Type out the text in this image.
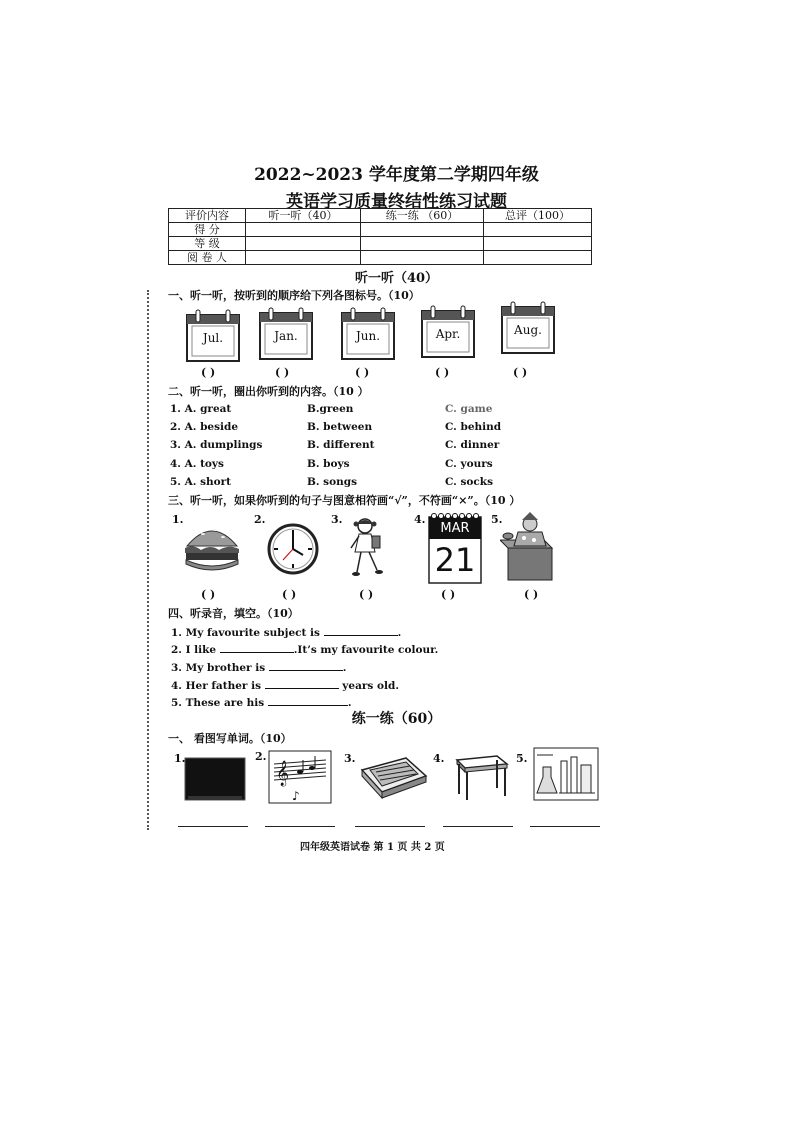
2022~2023 学年度第二学期四年级
英语学习质量终结性练习试题
评价内容	听一听（40）	练一练 （60）	总评（100）
得 分			
等 级			
阅 卷 人			
听一听（40）
一、听一听，按听到的顺序给下列各图标号。（10）
Jul.	Jan.	Jun.	Apr.	Aug.
( )	( )	( )	( )	( )
二、听一听，圈出你听到的内容。（10 ）
1. A. great	B.green	C. game
2. A. beside	B. between	C. behind
3. A. dumplings	B. different	C. dinner
4. A. toys	B. boys	C. yours
5. A. short	B. songs	C. socks
三、听一听，如果你听到的句子与图意相符画“√”，不符画“×”。（10 ）
1.	2.	3.	4.	5.
MAR
21
( )	( )	( )	( )	( )
四、听录音，填空。（10）
1. My favourite subject is	.
2. I like	.It’s my favourite colour.
3. My brother is	.
4. Her father is	years old.
5. These are his	.
练一练（60）
一、 看图写单词。（10）
1.	2.	3.	4.	5.
𝄞
♪
四年级英语试卷 第 1 页 共 2 页
